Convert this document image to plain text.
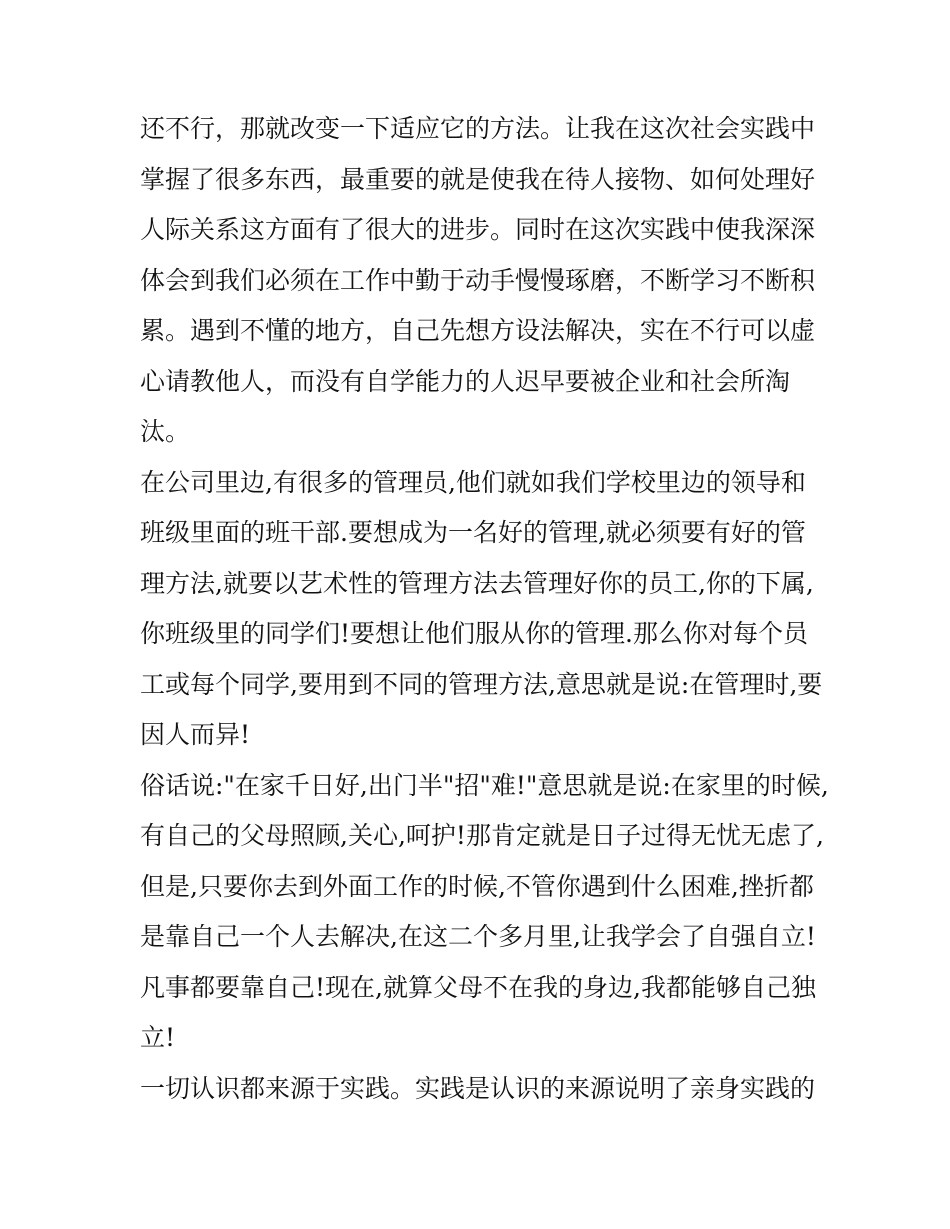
还不行，那就改变一下适应它的方法。让我在这次社会实践中
掌握了很多东西，最重要的就是使我在待人接物、如何处理好
人际关系这方面有了很大的进步。同时在这次实践中使我深深
体会到我们必须在工作中勤于动手慢慢琢磨，不断学习不断积
累。遇到不懂的地方，自己先想方设法解决，实在不行可以虚
心请教他人，而没有自学能力的人迟早要被企业和社会所淘
汰。
在公司里边,有很多的管理员,他们就如我们学校里边的领导和
班级里面的班干部.要想成为一名好的管理,就必须要有好的管
理方法,就要以艺术性的管理方法去管理好你的员工,你的下属,
你班级里的同学们!要想让他们服从你的管理.那么你对每个员
工或每个同学,要用到不同的管理方法,意思就是说:在管理时,要
因人而异!
俗话说:"在家千日好,出门半"招"难!"意思就是说:在家里的时候,
有自己的父母照顾,关心,呵护!那肯定就是日子过得无忧无虑了,
但是,只要你去到外面工作的时候,不管你遇到什么困难,挫折都
是靠自己一个人去解决,在这二个多月里,让我学会了自强自立!
凡事都要靠自己!现在,就算父母不在我的身边,我都能够自己独
立!
一切认识都来源于实践。实践是认识的来源说明了亲身实践的
